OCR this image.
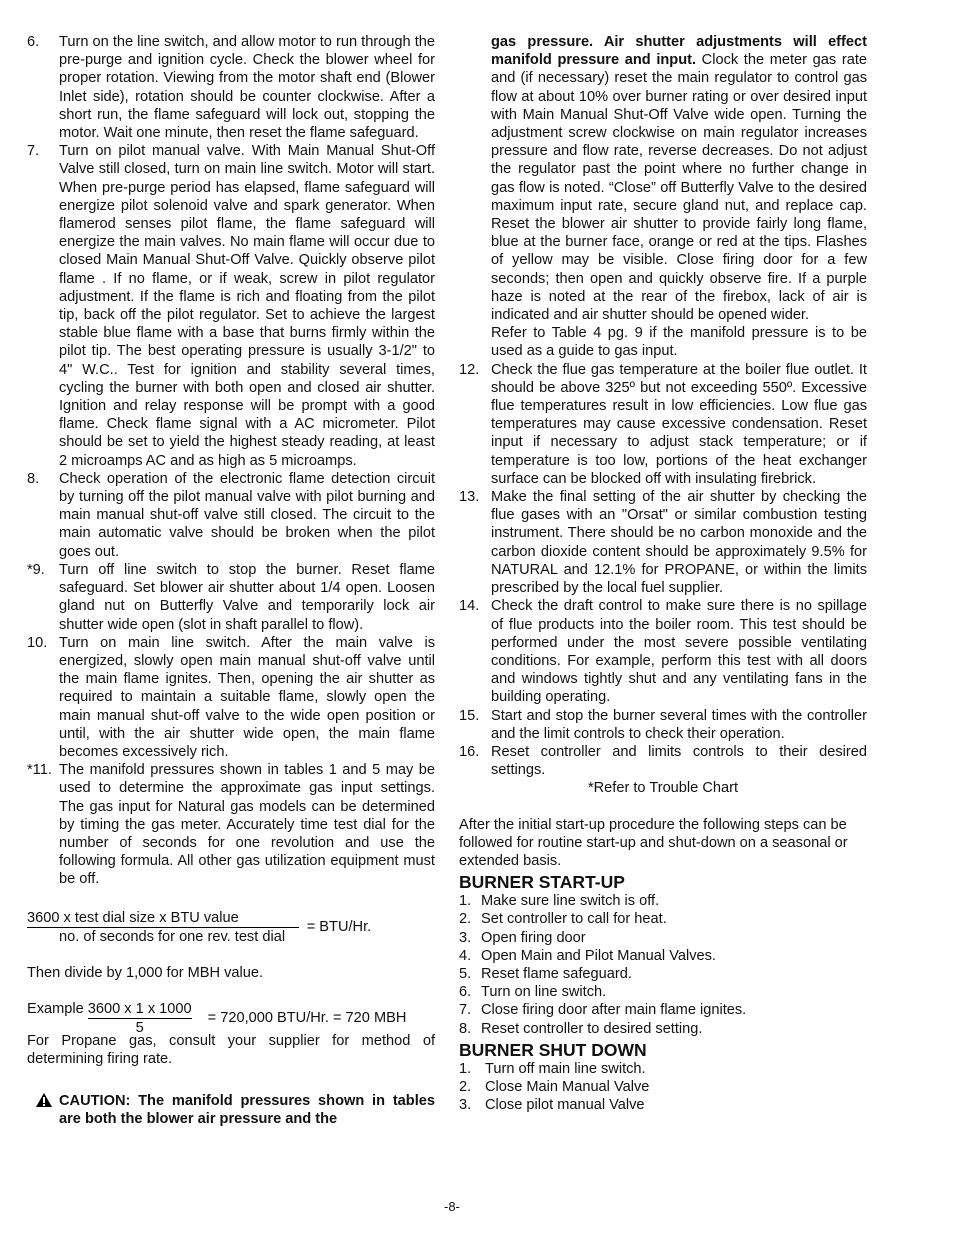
6.	Turn on the line switch, and allow motor to run through the pre-purge and ignition cycle. Check the blower wheel for proper rotation. Viewing from the motor shaft end (Blower Inlet side), rotation should be counter clockwise. After a short run, the flame safeguard will lock out, stopping the motor. Wait one minute, then reset the flame safeguard.
7.	Turn on pilot manual valve. With Main Manual Shut-Off Valve still closed, turn on main line switch. Motor will start. When pre-purge period has elapsed, flame safeguard will energize pilot solenoid valve and spark generator. When flamerod senses pilot flame, the flame safeguard will energize the main valves. No main flame will occur due to closed Main Manual Shut-Off Valve. Quickly observe pilot flame . If no flame, or if weak, screw in pilot regulator adjustment. If the flame is rich and floating from the pilot tip, back off the pilot regulator. Set to achieve the largest stable blue flame with a base that burns firmly within the pilot tip. The best operating pressure is usually 3-1/2" to 4" W.C.. Test for ignition and stability several times, cycling the burner with both open and closed air shutter. Ignition and relay response will be prompt with a good flame. Check flame signal with a AC micrometer. Pilot should be set to yield the highest steady reading, at least 2 microamps AC and as high as 5 microamps.
8.	Check operation of the electronic flame detection circuit by turning off the pilot manual valve with pilot burning and main manual shut-off valve still closed. The circuit to the main automatic valve should be broken when the pilot goes out.
*9. Turn off line switch to stop the burner. Reset flame safeguard. Set blower air shutter about 1/4 open. Loosen gland nut on Butterfly Valve and temporarily lock air shutter wide open (slot in shaft parallel to flow).
10. Turn on main line switch. After the main valve is energized, slowly open main manual shut-off valve until the main flame ignites. Then, opening the air shutter as required to maintain a suitable flame, slowly open the main manual shut-off valve to the wide open position or until, with the air shutter wide open, the main flame becomes excessively rich.
*11. The manifold pressures shown in tables 1 and 5 may be used to determine the approximate gas input settings. The gas input for Natural gas models can be determined by timing the gas meter. Accurately time test dial for the number of seconds for one revolution and use the following formula. All other gas utilization equipment must be off.
$\frac{\text{3600 x test dial size x BTU value}}{\text{no. of seconds for one rev. test dial}} = BTU/Hr$.

Then divide by 1,000 for MBH value.

Example $\frac{3600 x 1 x 1000}{5} = 720,000$ BTU/Hr. = 720 MBH

For Propane gas, consult your supplier for method of determining firing rate.

CAUTION: The manifold pressures shown in tables are both the blower air pressure and the
gas pressure. Air shutter adjustments will effect manifold pressure and input. Clock the meter gas rate and (if necessary) reset the main regulator to control gas flow at about 10% over burner rating or over desired input with Main Manual Shut-Off Valve wide open. Turning the adjustment screw clockwise on main regulator increases pressure and flow rate, reverse decreases. Do not adjust the regulator past the point where no further change in gas flow is noted. “Close” off Butterfly Valve to the desired maximum input rate, secure gland nut, and replace cap. Reset the blower air shutter to provide fairly long flame, blue at the burner face, orange or red at the tips. Flashes of yellow may be visible. Close firing door for a few seconds; then open and quickly observe fire. If a purple haze is noted at the rear of the firebox, lack of air is indicated and air shutter should be opened wider.
Refer to Table 4 pg. 9 if the manifold pressure is to be used as a guide to gas input.
12. Check the flue gas temperature at the boiler flue outlet. It should be above 325º but not exceeding 550º. Excessive flue temperatures result in low efficiencies. Low flue gas temperatures may cause excessive condensation. Reset input if necessary to adjust stack temperature; or if temperature is too low, portions of the heat exchanger surface can be blocked off with insulating firebrick.
13. Make the final setting of the air shutter by checking the flue gases with an "Orsat" or similar combustion testing instrument. There should be no carbon monoxide and the carbon dioxide content should be approximately 9.5% for NATURAL and 12.1% for PROPANE, or within the limits prescribed by the local fuel supplier.
14. Check the draft control to make sure there is no spillage of flue products into the boiler room. This test should be performed under the most severe possible ventilating conditions. For example, perform this test with all doors and windows tightly shut and any ventilating fans in the building operating.
15. Start and stop the burner several times with the controller and the limit controls to check their operation.
16. Reset controller and limits controls to their desired settings.
*Refer to Trouble Chart

After the initial start-up procedure the following steps can be followed for routine start-up and shut-down on a seasonal or extended basis.

BURNER START-UP
1. Make sure line switch is off.
2. Set controller to call for heat.
3. Open firing door
4. Open Main and Pilot Manual Valves.
5. Reset flame safeguard.
6. Turn on line switch.
7. Close firing door after main flame ignites.
8. Reset controller to desired setting.
BURNER SHUT DOWN
1. Turn off main line switch.
2. Close Main Manual Valve
3. Close pilot manual Valve
-8-
